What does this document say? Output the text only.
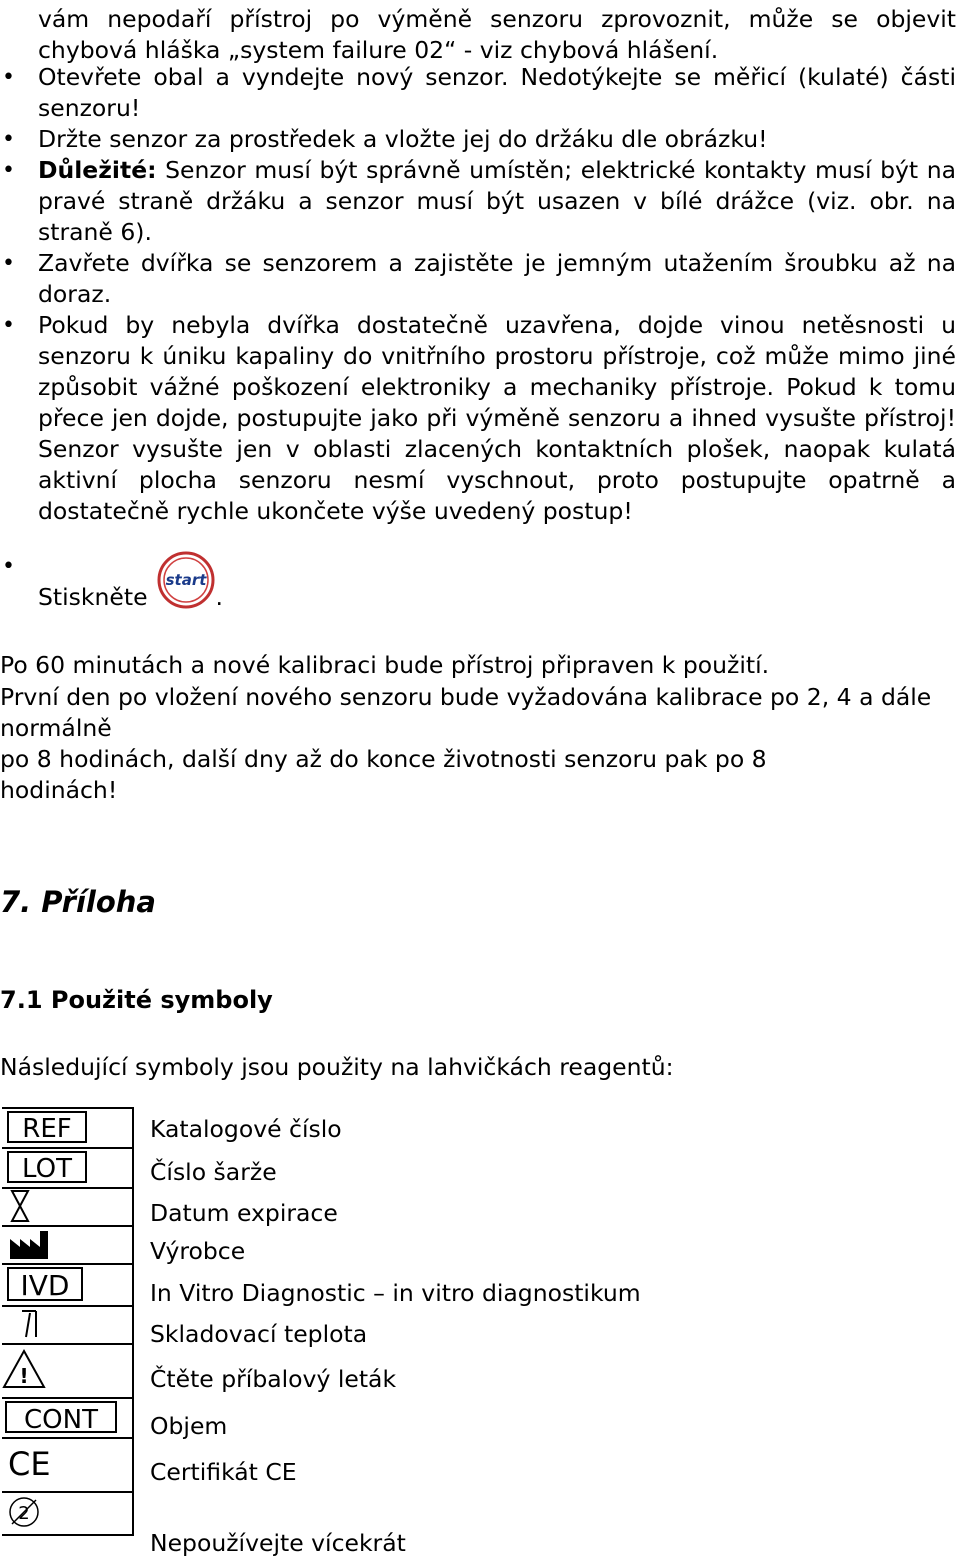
vám nepodaří přístroj po výměně senzoru zprovoznit, může se objevit chybová hláška „system failure 02“ - viz chybová hlášení.
• Otevřete obal a vyndejte nový senzor. Nedotýkejte se měřicí (kulaté) části senzoru!
• Držte senzor za prostředek a vložte jej do držáku dle obrázku!
• Důležité: Senzor musí být správně umístěn; elektrické kontakty musí být na pravé straně držáku a senzor musí být usazen v bílé drážce (viz. obr. na straně 6).
• Zavřete dvířka se senzorem a zajistěte je jemným utažením šroubku až na doraz.
• Pokud by nebyla dvířka dostatečně uzavřena, dojde vinou netěsnosti u senzoru k úniku kapaliny do vnitřního prostoru přístroje, což může mimo jiné způsobit vážné poškození elektroniky a mechaniky přístroje. Pokud k tomu přece jen dojde, postupujte jako při výměně senzoru a ihned vysušte přístroj! Senzor vysušte jen v oblasti zlacených kontaktních plošek, naopak kulatá aktivní plocha senzoru nesmí vyschnout, proto postupujte opatrně a dostatečně rychle ukončete výše uvedený postup!
• Stiskněte
start
.
Po 60 minutách a nové kalibraci bude přístroj připraven k použití.
První den po vložení nového senzoru bude vyžadována kalibrace po 2, 4 a dále normálně
po 8 hodinách, další dny až do konce životnosti senzoru pak po 8 hodinách!
7. Příloha
7.1 Použité symboly
Následující symboly jsou použity na lahvičkách reagentů:
REF
LOT
IVD
!
CONT
CE
2
Katalogové číslo
Číslo šarže
Datum expirace
Výrobce
In Vitro Diagnostic – in vitro diagnostikum
Skladovací teplota
Čtěte příbalový leták
Objem
Certifikát CE
Nepoužívejte vícekrát
